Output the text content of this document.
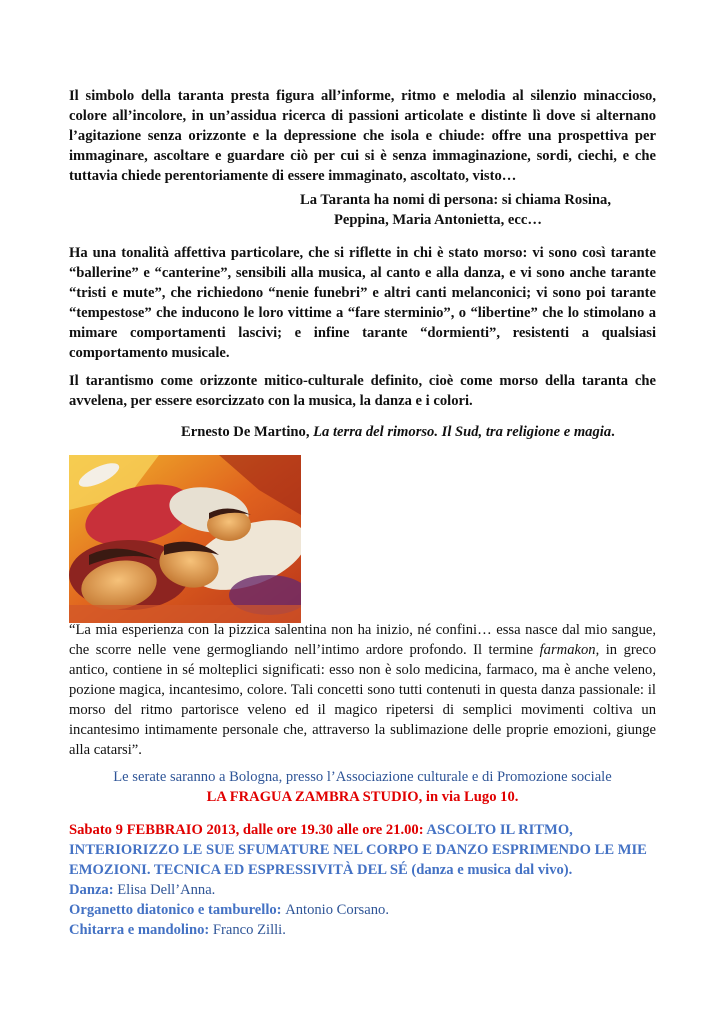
Il simbolo della taranta presta figura all’informe, ritmo e melodia al silenzio minaccioso, colore all’incolore, in un’assidua ricerca di passioni articolate e distinte lì dove si alternano l’agitazione senza orizzonte e la depressione che isola e chiude: offre una prospettiva per immaginare, ascoltare e guardare ciò per cui si è senza immaginazione, sordi, ciechi, e che tuttavia chiede perentoriamente di essere immaginato, ascoltato, visto…

La Taranta ha nomi di persona: si chiama Rosina,
Peppina, Maria Antonietta, ecc…

Ha una tonalità affettiva particolare, che si riflette in chi è stato morso: vi sono così tarante “ballerine” e “canterine”, sensibili alla musica, al canto e alla danza, e vi sono anche tarante “tristi e mute”, che richiedono “nenie funebri” e altri canti melanconici; vi sono poi tarante “tempestose” che inducono le loro vittime a “fare sterminio”, o “libertine” che lo stimolano a mimare comportamenti lascivi; e infine tarante “dormienti”, resistenti a qualsiasi comportamento musicale.

Il tarantismo come orizzonte mitico-culturale definito, cioè come morso della taranta che avvelena, per essere esorcizzato con la musica, la danza e i colori.

Ernesto De Martino, La terra del rimorso. Il Sud, tra religione e magia.

“La mia esperienza con la pizzica salentina non ha inizio, né confini… essa nasce dal mio sangue, che scorre nelle vene germogliando nell’intimo ardore profondo. Il termine farmakon, in greco antico, contiene in sé molteplici significati: esso non è solo medicina, farmaco, ma è anche veleno, pozione magica, incantesimo, colore. Tali concetti sono tutti contenuti in questa danza passionale: il morso del ritmo partorisce veleno ed il magico ripetersi di semplici movimenti coltiva un incantesimo intimamente personale che, attraverso la sublimazione delle proprie emozioni, giunge alla catarsi”.

Le serate saranno a Bologna, presso l’Associazione culturale e di Promozione sociale
LA FRAGUA ZAMBRA STUDIO, in via Lugo 10.

Sabato 9 FEBBRAIO 2013, dalle ore 19.30 alle ore 21.00: ASCOLTO IL RITMO,
INTERIORIZZO LE SUE SFUMATURE NEL CORPO E DANZO ESPRIMENDO LE MIE
EMOZIONI. TECNICA ED ESPRESSIVITÀ DEL SÉ (danza e musica dal vivo).
Danza: Elisa Dell’Anna.
Organetto diatonico e tamburello: Antonio Corsano.
Chitarra e mandolino: Franco Zilli.
